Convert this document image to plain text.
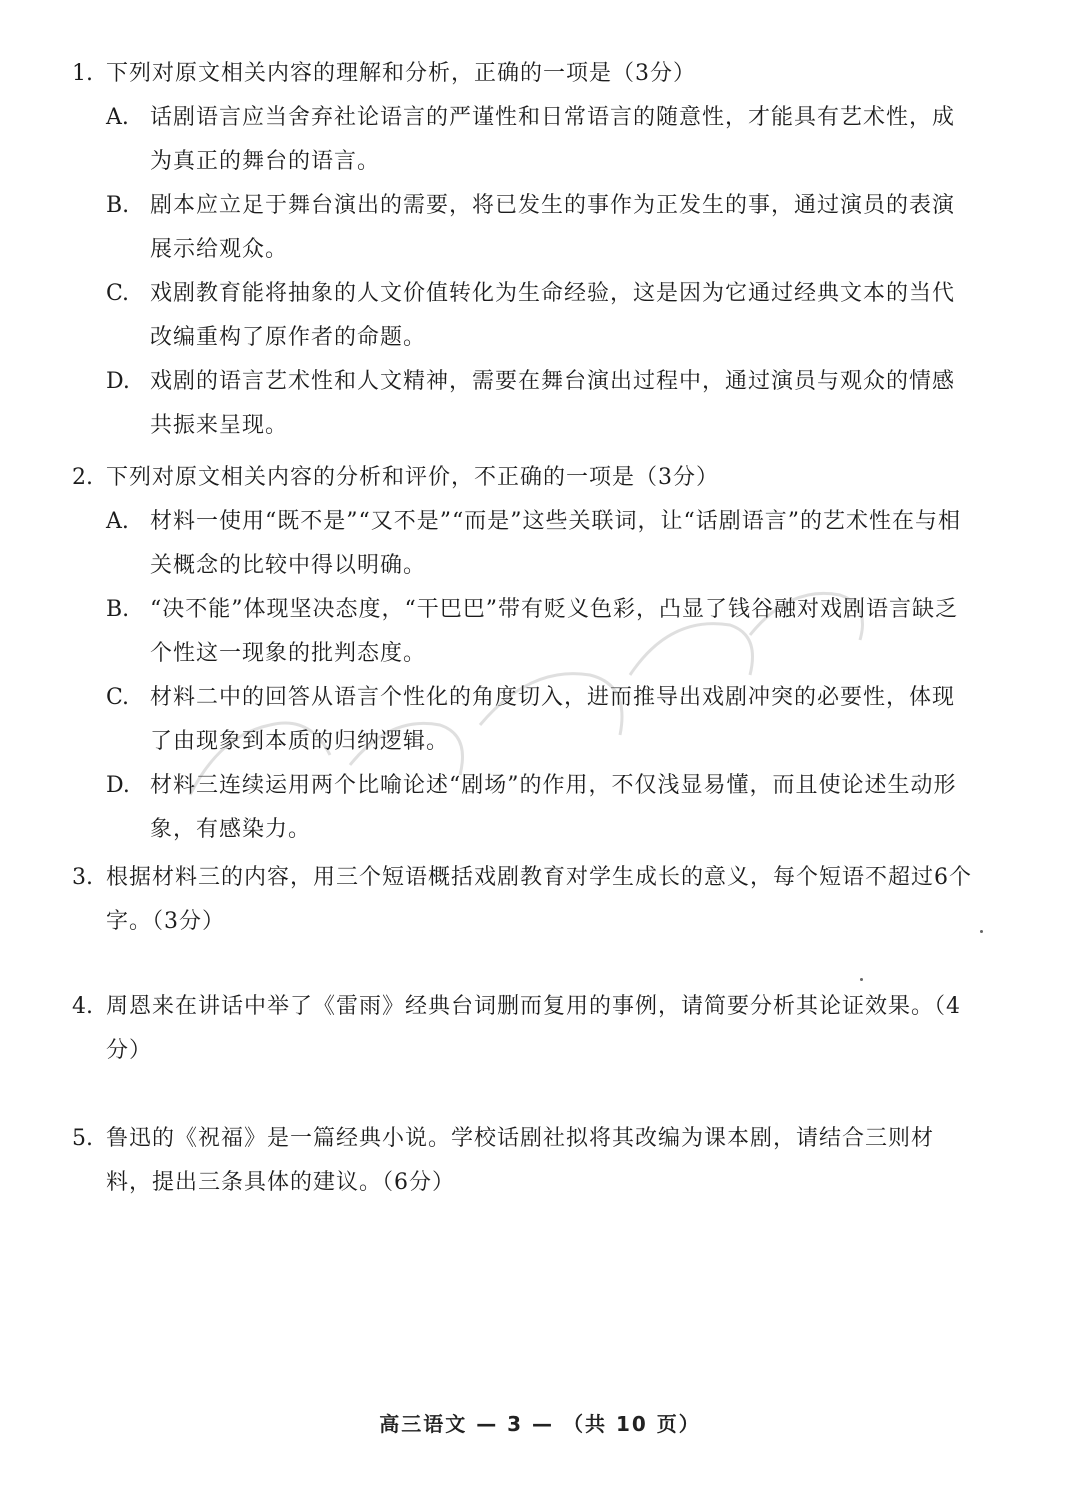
1. 下列对原文相关内容的理解和分析，正确的一项是（3分）
A. 话剧语言应当舍弃社论语言的严谨性和日常语言的随意性，才能具有艺术性，成为真正的舞台的语言。
B. 剧本应立足于舞台演出的需要，将已发生的事作为正发生的事，通过演员的表演展示给观众。
C. 戏剧教育能将抽象的人文价值转化为生命经验，这是因为它通过经典文本的当代改编重构了原作者的命题。
D. 戏剧的语言艺术性和人文精神，需要在舞台演出过程中，通过演员与观众的情感共振来呈现。
2. 下列对原文相关内容的分析和评价，不正确的一项是（3分）
A. 材料一使用“既不是”“又不是”“而是”这些关联词，让“话剧语言”的艺术性在与相关概念的比较中得以明确。
B. “决不能”体现坚决态度，“干巴巴”带有贬义色彩，凸显了钱谷融对戏剧语言缺乏个性这一现象的批判态度。
C. 材料二中的回答从语言个性化的角度切入，进而推导出戏剧冲突的必要性，体现了由现象到本质的归纳逻辑。
D. 材料三连续运用两个比喻论述“剧场”的作用，不仅浅显易懂，而且使论述生动形象，有感染力。
3. 根据材料三的内容，用三个短语概括戏剧教育对学生成长的意义，每个短语不超过6个字。（3分）
4. 周恩来在讲话中举了《雷雨》经典台词删而复用的事例，请简要分析其论证效果。（4分）
5. 鲁迅的《祝福》是一篇经典小说。学校话剧社拟将其改编为课本剧，请结合三则材料，提出三条具体的建议。（6分）
高三语文 — 3 — （共 10 页）
